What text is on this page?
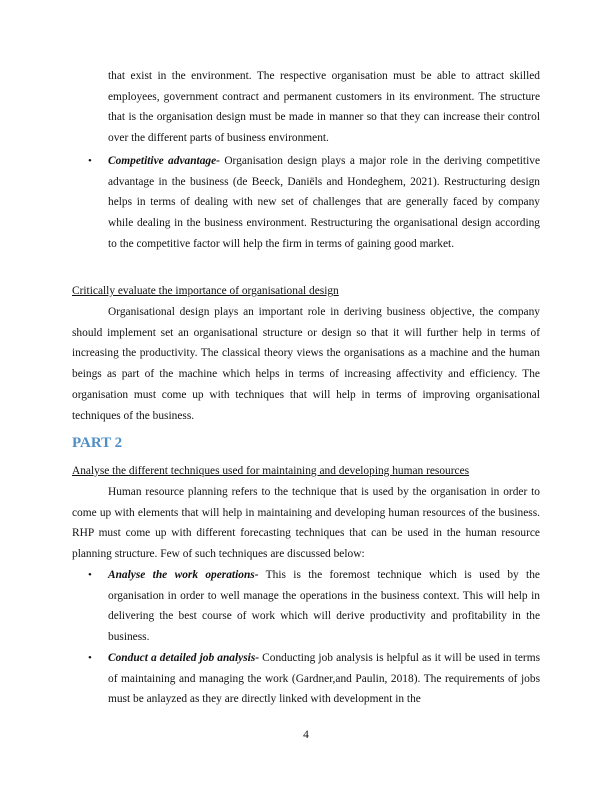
that exist in the environment. The respective organisation must be able to attract skilled employees, government contract and permanent customers in its environment. The structure that is the organisation design must be made in manner so that they can increase their control over the different parts of business environment.

• Competitive advantage- Organisation design plays a major role in the deriving competitive advantage in the business (de Beeck, Daniëls and Hondeghem, 2021). Restructuring design helps in terms of dealing with new set of challenges that are generally faced by company while dealing in the business environment. Restructuring the organisational design according to the competitive factor will help the firm in terms of gaining good market.

Critically evaluate the importance of organisational design

Organisational design plays an important role in deriving business objective, the company should implement set an organisational structure or design so that it will further help in terms of increasing the productivity. The classical theory views the organisations as a machine and the human beings as part of the machine which helps in terms of increasing affectivity and efficiency. The organisation must come up with techniques that will help in terms of improving organisational techniques of the business.

PART 2

Analyse the different techniques used for maintaining and developing human resources

Human resource planning refers to the technique that is used by the organisation in order to come up with elements that will help in maintaining and developing human resources of the business. RHP must come up with different forecasting techniques that can be used in the human resource planning structure. Few of such techniques are discussed below:

• Analyse the work operations- This is the foremost technique which is used by the organisation in order to well manage the operations in the business context. This will help in delivering the best course of work which will derive productivity and profitability in the business.

• Conduct a detailed job analysis- Conducting job analysis is helpful as it will be used in terms of maintaining and managing the work (Gardner,and Paulin, 2018). The requirements of jobs must be anlayzed as they are directly linked with development in the

4
